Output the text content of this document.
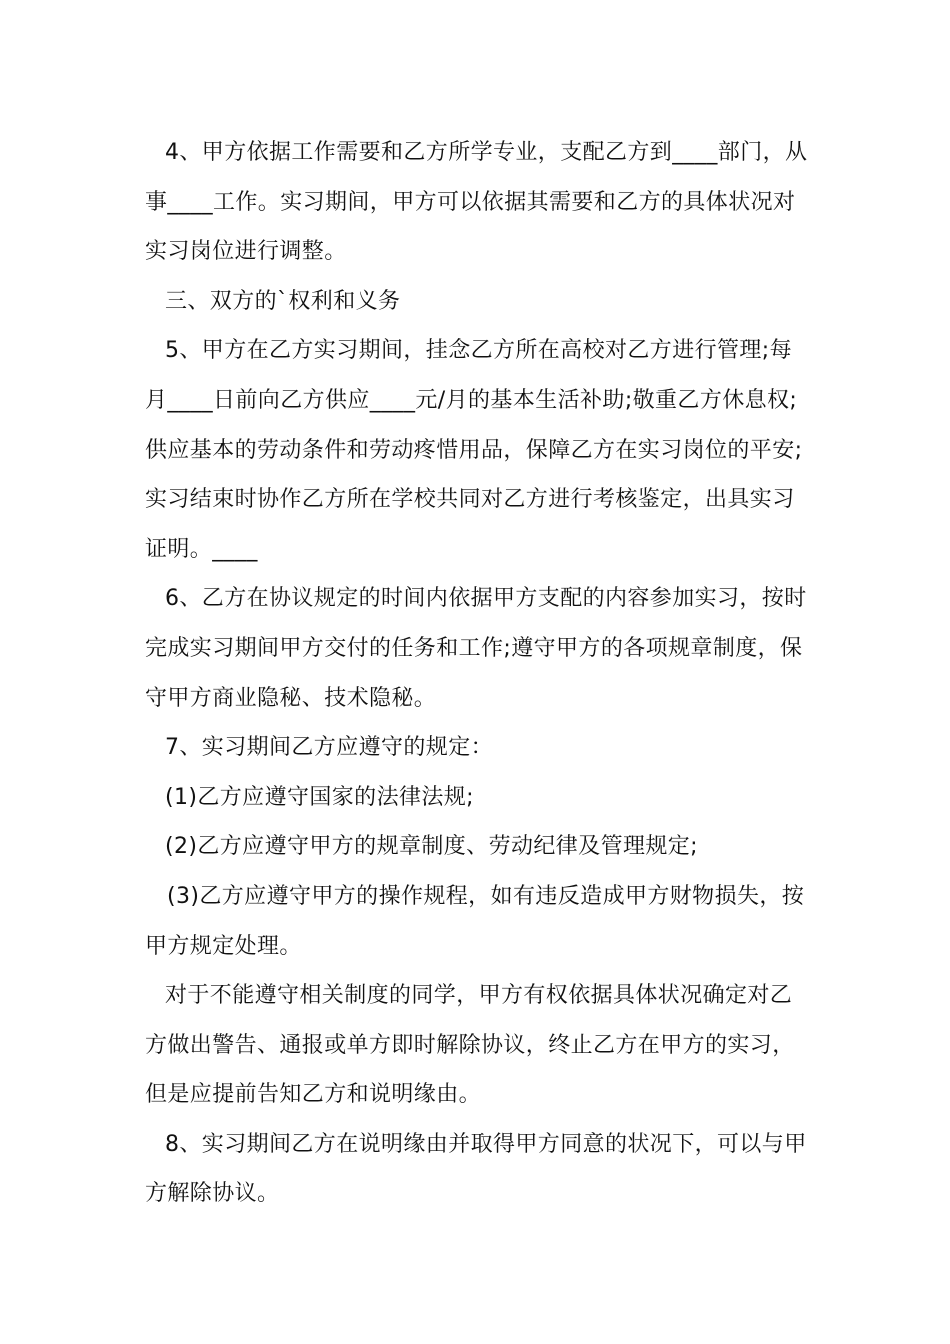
4、甲方依据工作需要和乙方所学专业，支配乙方到____部门，从事____工作。实习期间，甲方可以依据其需要和乙方的具体状况对实习岗位进行调整。

三、双方的`权利和义务

5、甲方在乙方实习期间，挂念乙方所在高校对乙方进行管理;每月____日前向乙方供应____元/月的基本生活补助;敬重乙方休息权;供应基本的劳动条件和劳动疼惜用品，保障乙方在实习岗位的平安;实习结束时协作乙方所在学校共同对乙方进行考核鉴定，出具实习证明。____

6、乙方在协议规定的时间内依据甲方支配的内容参加实习，按时完成实习期间甲方交付的任务和工作;遵守甲方的各项规章制度，保守甲方商业隐秘、技术隐秘。

7、实习期间乙方应遵守的规定：

(1)乙方应遵守国家的法律法规;

(2)乙方应遵守甲方的规章制度、劳动纪律及管理规定;

(3)乙方应遵守甲方的操作规程，如有违反造成甲方财物损失，按甲方规定处理。

对于不能遵守相关制度的同学，甲方有权依据具体状况确定对乙方做出警告、通报或单方即时解除协议，终止乙方在甲方的实习，但是应提前告知乙方和说明缘由。

8、实习期间乙方在说明缘由并取得甲方同意的状况下，可以与甲方解除协议。
